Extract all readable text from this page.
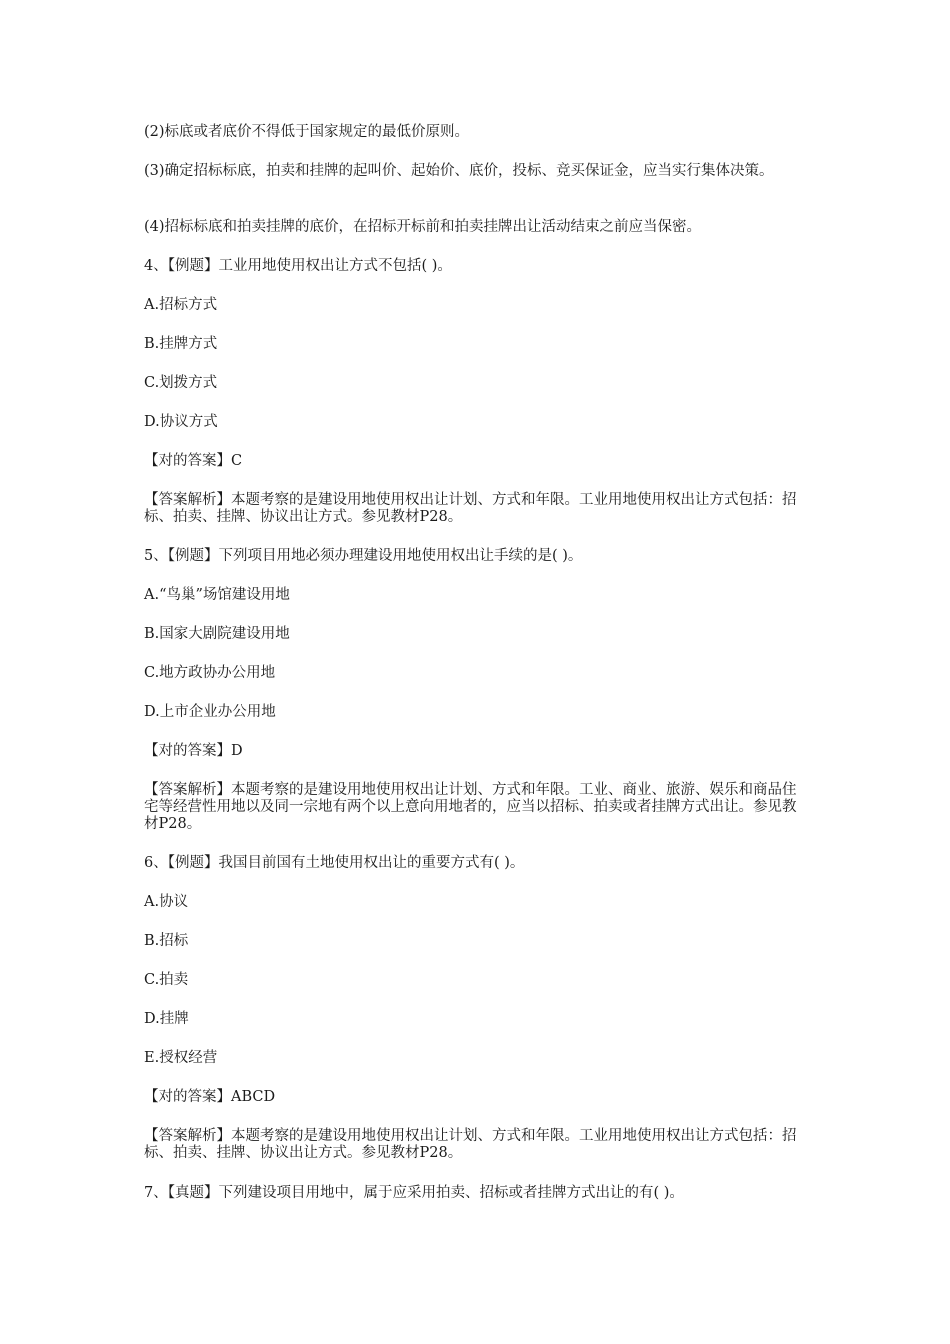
(2)标底或者底价不得低于国家规定的最低价原则。

(3)确定招标标底，拍卖和挂牌的起叫价、起始价、底价，投标、竞买保证金，应当实行集体决策。

(4)招标标底和拍卖挂牌的底价，在招标开标前和拍卖挂牌出让活动结束之前应当保密。

4、【例题】工业用地使用权出让方式不包括( )。

A.招标方式

B.挂牌方式

C.划拨方式

D.协议方式

【对的答案】C

【答案解析】本题考察的是建设用地使用权出让计划、方式和年限。工业用地使用权出让方式包括：招标、拍卖、挂牌、协议出让方式。参见教材P28。

5、【例题】下列项目用地必须办理建设用地使用权出让手续的是( )。

A.“鸟巢”场馆建设用地

B.国家大剧院建设用地

C.地方政协办公用地

D.上市企业办公用地

【对的答案】D

【答案解析】本题考察的是建设用地使用权出让计划、方式和年限。工业、商业、旅游、娱乐和商品住宅等经营性用地以及同一宗地有两个以上意向用地者的，应当以招标、拍卖或者挂牌方式出让。参见教材P28。

6、【例题】我国目前国有土地使用权出让的重要方式有( )。

A.协议

B.招标

C.拍卖

D.挂牌

E.授权经营

【对的答案】ABCD

【答案解析】本题考察的是建设用地使用权出让计划、方式和年限。工业用地使用权出让方式包括：招标、拍卖、挂牌、协议出让方式。参见教材P28。

7、【真题】下列建设项目用地中，属于应采用拍卖、招标或者挂牌方式出让的有( )。
